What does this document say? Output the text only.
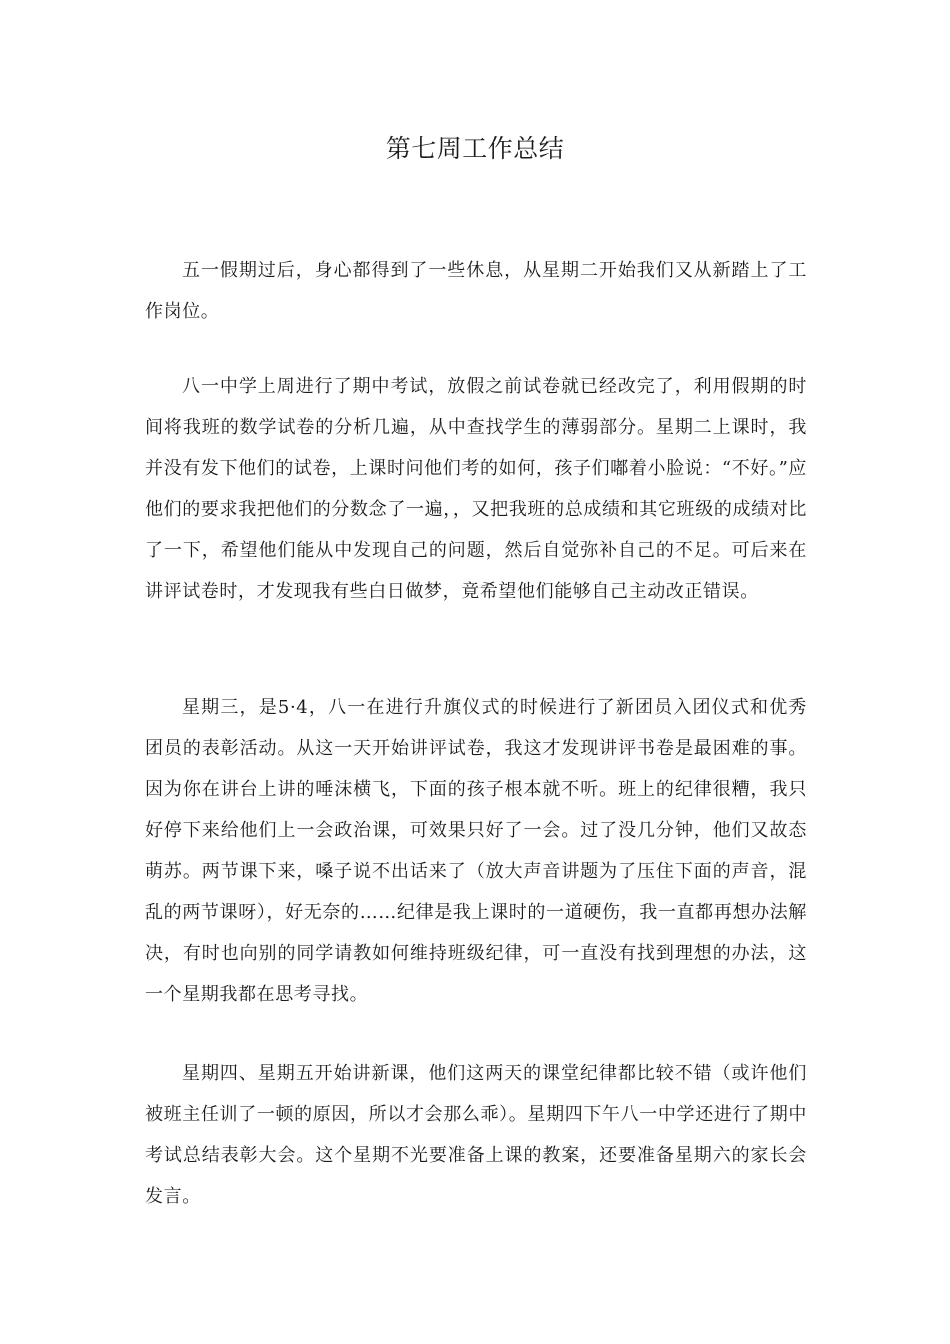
第七周工作总结

五一假期过后，身心都得到了一些休息，从星期二开始我们又从新踏上了工作岗位。

八一中学上周进行了期中考试，放假之前试卷就已经改完了，利用假期的时间将我班的数学试卷的分析几遍，从中查找学生的薄弱部分。星期二上课时，我并没有发下他们的试卷，上课时问他们考的如何，孩子们嘟着小脸说：“不好。”应他们的要求我把他们的分数念了一遍，，又把我班的总成绩和其它班级的成绩对比了一下，希望他们能从中发现自己的问题，然后自觉弥补自己的不足。可后来在讲评试卷时，才发现我有些白日做梦，竟希望他们能够自己主动改正错误。

星期三，是5·4，八一在进行升旗仪式的时候进行了新团员入团仪式和优秀团员的表彰活动。从这一天开始讲评试卷，我这才发现讲评书卷是最困难的事。因为你在讲台上讲的唾沫横飞，下面的孩子根本就不听。班上的纪律很糟，我只好停下来给他们上一会政治课，可效果只好了一会。过了没几分钟，他们又故态萌苏。两节课下来，嗓子说不出话来了（放大声音讲题为了压住下面的声音，混乱的两节课呀），好无奈的……纪律是我上课时的一道硬伤，我一直都再想办法解决，有时也向别的同学请教如何维持班级纪律，可一直没有找到理想的办法，这一个星期我都在思考寻找。

星期四、星期五开始讲新课，他们这两天的课堂纪律都比较不错（或许他们被班主任训了一顿的原因，所以才会那么乖）。星期四下午八一中学还进行了期中考试总结表彰大会。这个星期不光要准备上课的教案，还要准备星期六的家长会发言。
